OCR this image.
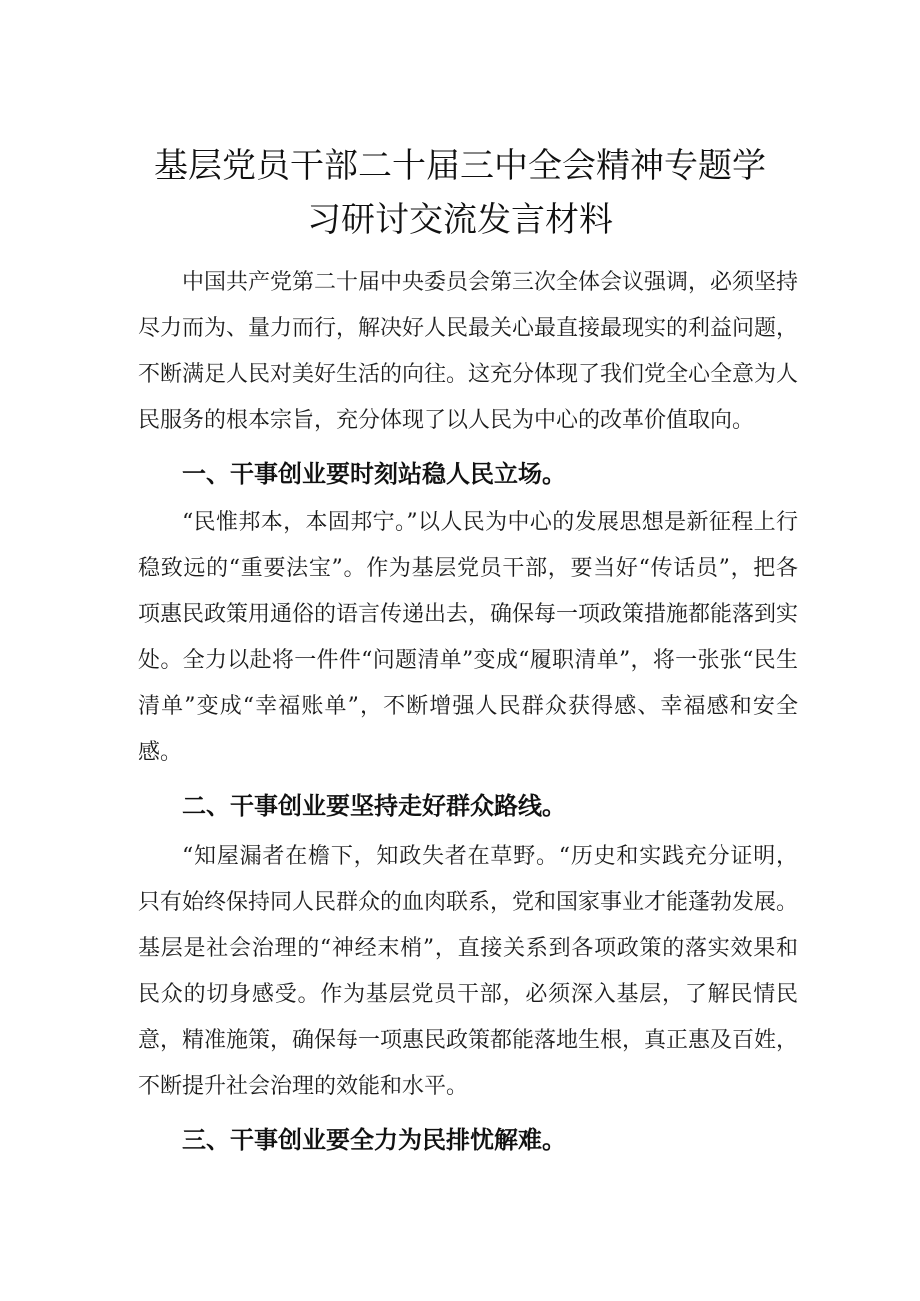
基层党员干部二十届三中全会精神专题学
习研讨交流发言材料

中国共产党第二十届中央委员会第三次全体会议强调，必须坚持尽力而为、量力而行，解决好人民最关心最直接最现实的利益问题，不断满足人民对美好生活的向往。这充分体现了我们党全心全意为人民服务的根本宗旨，充分体现了以人民为中心的改革价值取向。

一、干事创业要时刻站稳人民立场。

“民惟邦本，本固邦宁。”以人民为中心的发展思想是新征程上行稳致远的“重要法宝”。作为基层党员干部，要当好“传话员”，把各项惠民政策用通俗的语言传递出去，确保每一项政策措施都能落到实处。全力以赴将一件件“问题清单”变成“履职清单”，将一张张“民生清单”变成“幸福账单”，不断增强人民群众获得感、幸福感和安全感。

二、干事创业要坚持走好群众路线。

“知屋漏者在檐下，知政失者在草野。“历史和实践充分证明，只有始终保持同人民群众的血肉联系，党和国家事业才能蓬勃发展。基层是社会治理的“神经末梢”，直接关系到各项政策的落实效果和民众的切身感受。作为基层党员干部，必须深入基层，了解民情民意，精准施策，确保每一项惠民政策都能落地生根，真正惠及百姓，不断提升社会治理的效能和水平。

三、干事创业要全力为民排忧解难。
